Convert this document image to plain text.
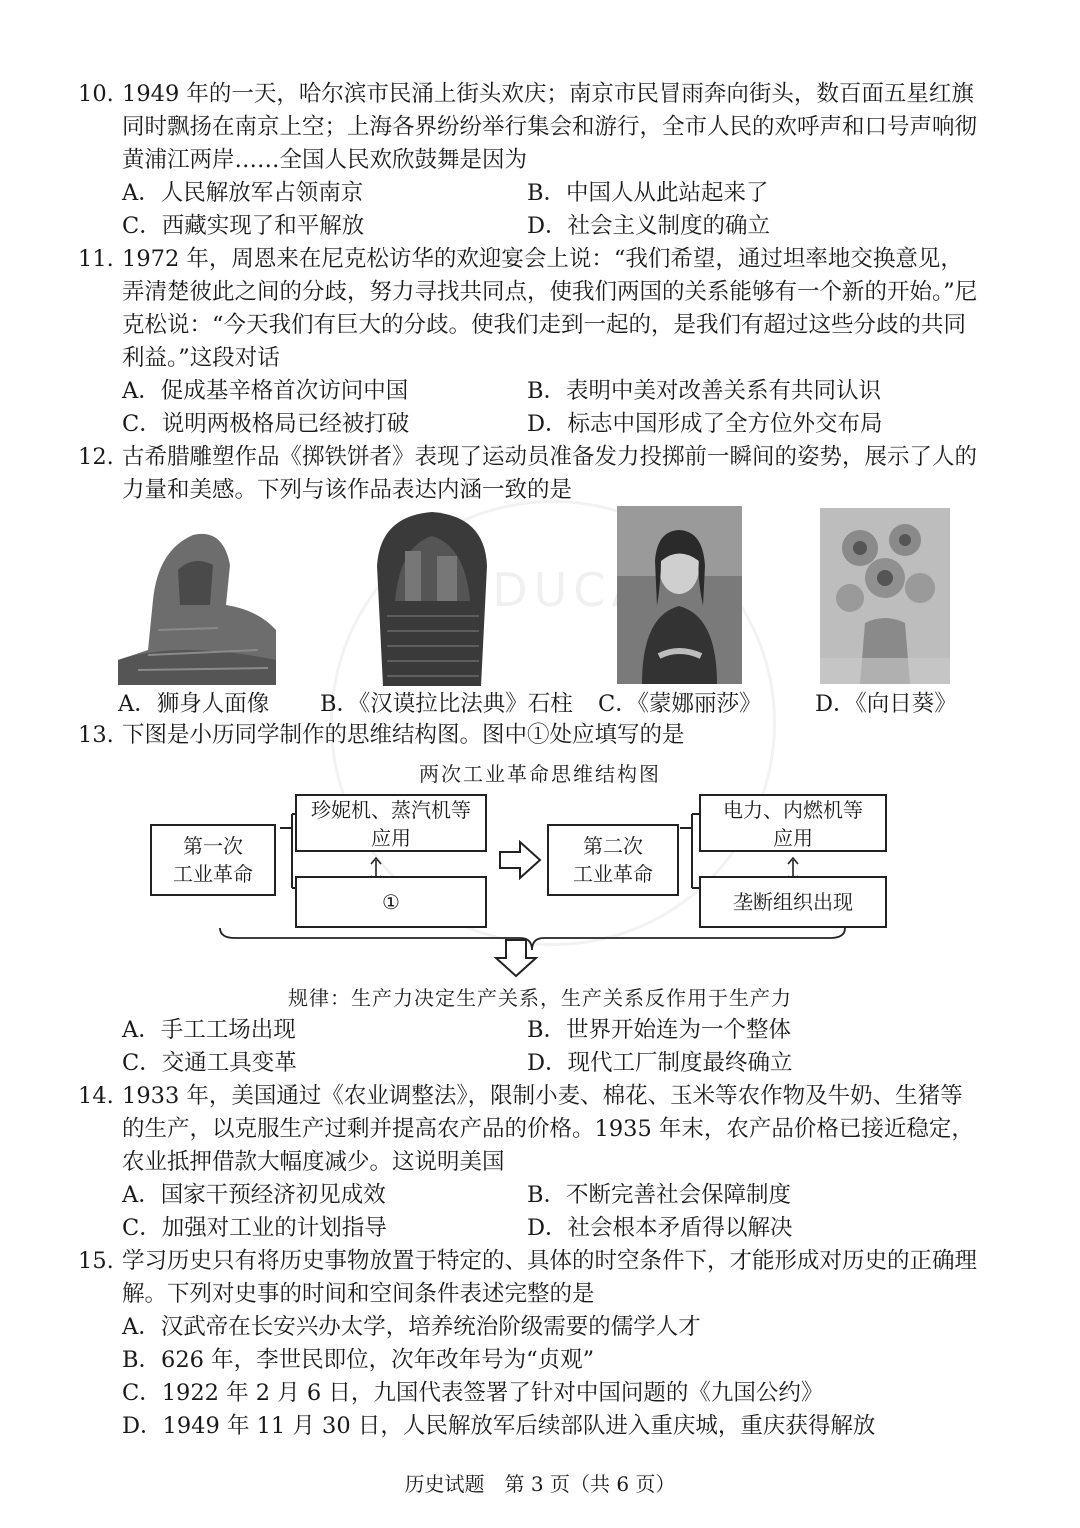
EDUCA
10. 1949 年的一天，哈尔滨市民涌上街头欢庆；南京市民冒雨奔向街头，数百面五星红旗同时飘扬在南京上空；上海各界纷纷举行集会和游行，全市人民的欢呼声和口号声响彻黄浦江两岸……全国人民欢欣鼓舞是因为
A．人民解放军占领南京	B．中国人从此站起来了
C．西藏实现了和平解放	D．社会主义制度的确立
11. 1972 年，周恩来在尼克松访华的欢迎宴会上说：“我们希望，通过坦率地交换意见，弄清楚彼此之间的分歧，努力寻找共同点，使我们两国的关系能够有一个新的开始。”尼克松说：“今天我们有巨大的分歧。使我们走到一起的，是我们有超过这些分歧的共同利益。”这段对话
A．促成基辛格首次访问中国	B．表明中美对改善关系有共同认识
C．说明两极格局已经被打破	D．标志中国形成了全方位外交布局
12. 古希腊雕塑作品《掷铁饼者》表现了运动员准备发力投掷前一瞬间的姿势，展示了人的力量和美感。下列与该作品表达内涵一致的是
A．狮身人面像 B．《汉谟拉比法典》石柱 C．《蒙娜丽莎》 D．《向日葵》
13. 下图是小历同学制作的思维结构图。图中①处应填写的是
两次工业革命思维结构图
第一次
工业革命
珍妮机、蒸汽机等
应用
①
第二次
工业革命
电力、内燃机等
应用
垄断组织出现
规律：生产力决定生产关系，生产关系反作用于生产力
A．手工工场出现	B．世界开始连为一个整体
C．交通工具变革	D．现代工厂制度最终确立
14. 1933 年，美国通过《农业调整法》，限制小麦、棉花、玉米等农作物及牛奶、生猪等的生产，以克服生产过剩并提高农产品的价格。1935 年末，农产品价格已接近稳定，农业抵押借款大幅度减少。这说明美国
A．国家干预经济初见成效	B．不断完善社会保障制度
C．加强对工业的计划指导	D．社会根本矛盾得以解决
15. 学习历史只有将历史事物放置于特定的、具体的时空条件下，才能形成对历史的正确理解。下列对史事的时间和空间条件表述完整的是
A．汉武帝在长安兴办太学，培养统治阶级需要的儒学人才
B．626 年，李世民即位，次年改年号为“贞观”
C．1922 年 2 月 6 日，九国代表签署了针对中国问题的《九国公约》
D．1949 年 11 月 30 日，人民解放军后续部队进入重庆城，重庆获得解放
历史试题　第 3 页（共 6 页）
